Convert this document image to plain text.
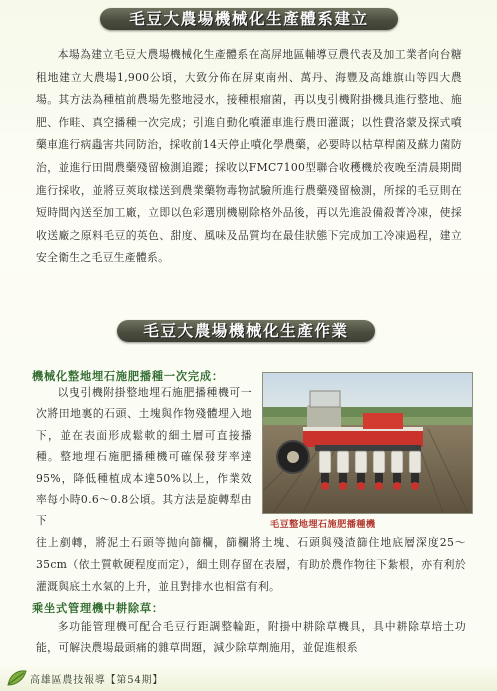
毛豆大農場機械化生產體系建立
本場為建立毛豆大農場機械化生產體系在高屏地區輔導豆農代表及加工業者向台糖租地建立大農場1,900公頃，大致分佈在屏東南州、萬丹、海豐及高雄旗山等四大農場。其方法為種植前農場先整地浸水，接種根瘤菌，再以曳引機附掛機具進行整地、施肥、作畦、真空播種一次完成；引進自動化噴灌車進行農田灌溉；以性費洛蒙及探式噴藥車進行病蟲害共同防治，採收前14天停止噴化學農藥，必要時以枯草桿菌及蘇力菌防治，並進行田間農藥殘留檢測追蹤；採收以FMC7100型聯合收穫機於夜晚至清晨期間進行採收，並將豆莢取樣送到農業藥物毒物試驗所進行農藥殘留檢測，所採的毛豆則在短時間內送至加工廠，立即以色彩選別機剔除格外品後，再以先進設備殺菁冷凍，使採收送廠之原料毛豆的英色、甜度、風味及品質均在最佳狀態下完成加工冷凍過程，建立安全衛生之毛豆生產體系。
毛豆大農場機械化生產作業
機械化整地埋石施肥播種一次完成：
以曳引機附掛整地埋石施肥播種機可一次將田地裏的石頭、土塊與作物殘體埋入地下，並在表面形成鬆軟的細土層可直接播種。整地埋石施肥播種機可確保發芽率達95%，降低種植成本達50%以上，作業效率每小時0.6～0.8公頃。其方法是旋轉犁由下	毛豆整地埋石施肥播種機
往上剷轉，將泥土石頭等抛向篩欄，篩欄將土塊、石頭與殘渣篩住地底層深度25～35cm（依土質軟硬程度而定），細土則存留在表層，有助於農作物往下紮根，亦有利於灌溉與底土水氣的上升，並且對排水也相當有利。
乘坐式管理機中耕除草：
多功能管理機可配合毛豆行距調整輪距，附掛中耕除草機具，具中耕除草培土功能，可解決農場最頭痛的雜草問題，減少除草劑施用，並促進根系
高雄區農技報導【第54期】
